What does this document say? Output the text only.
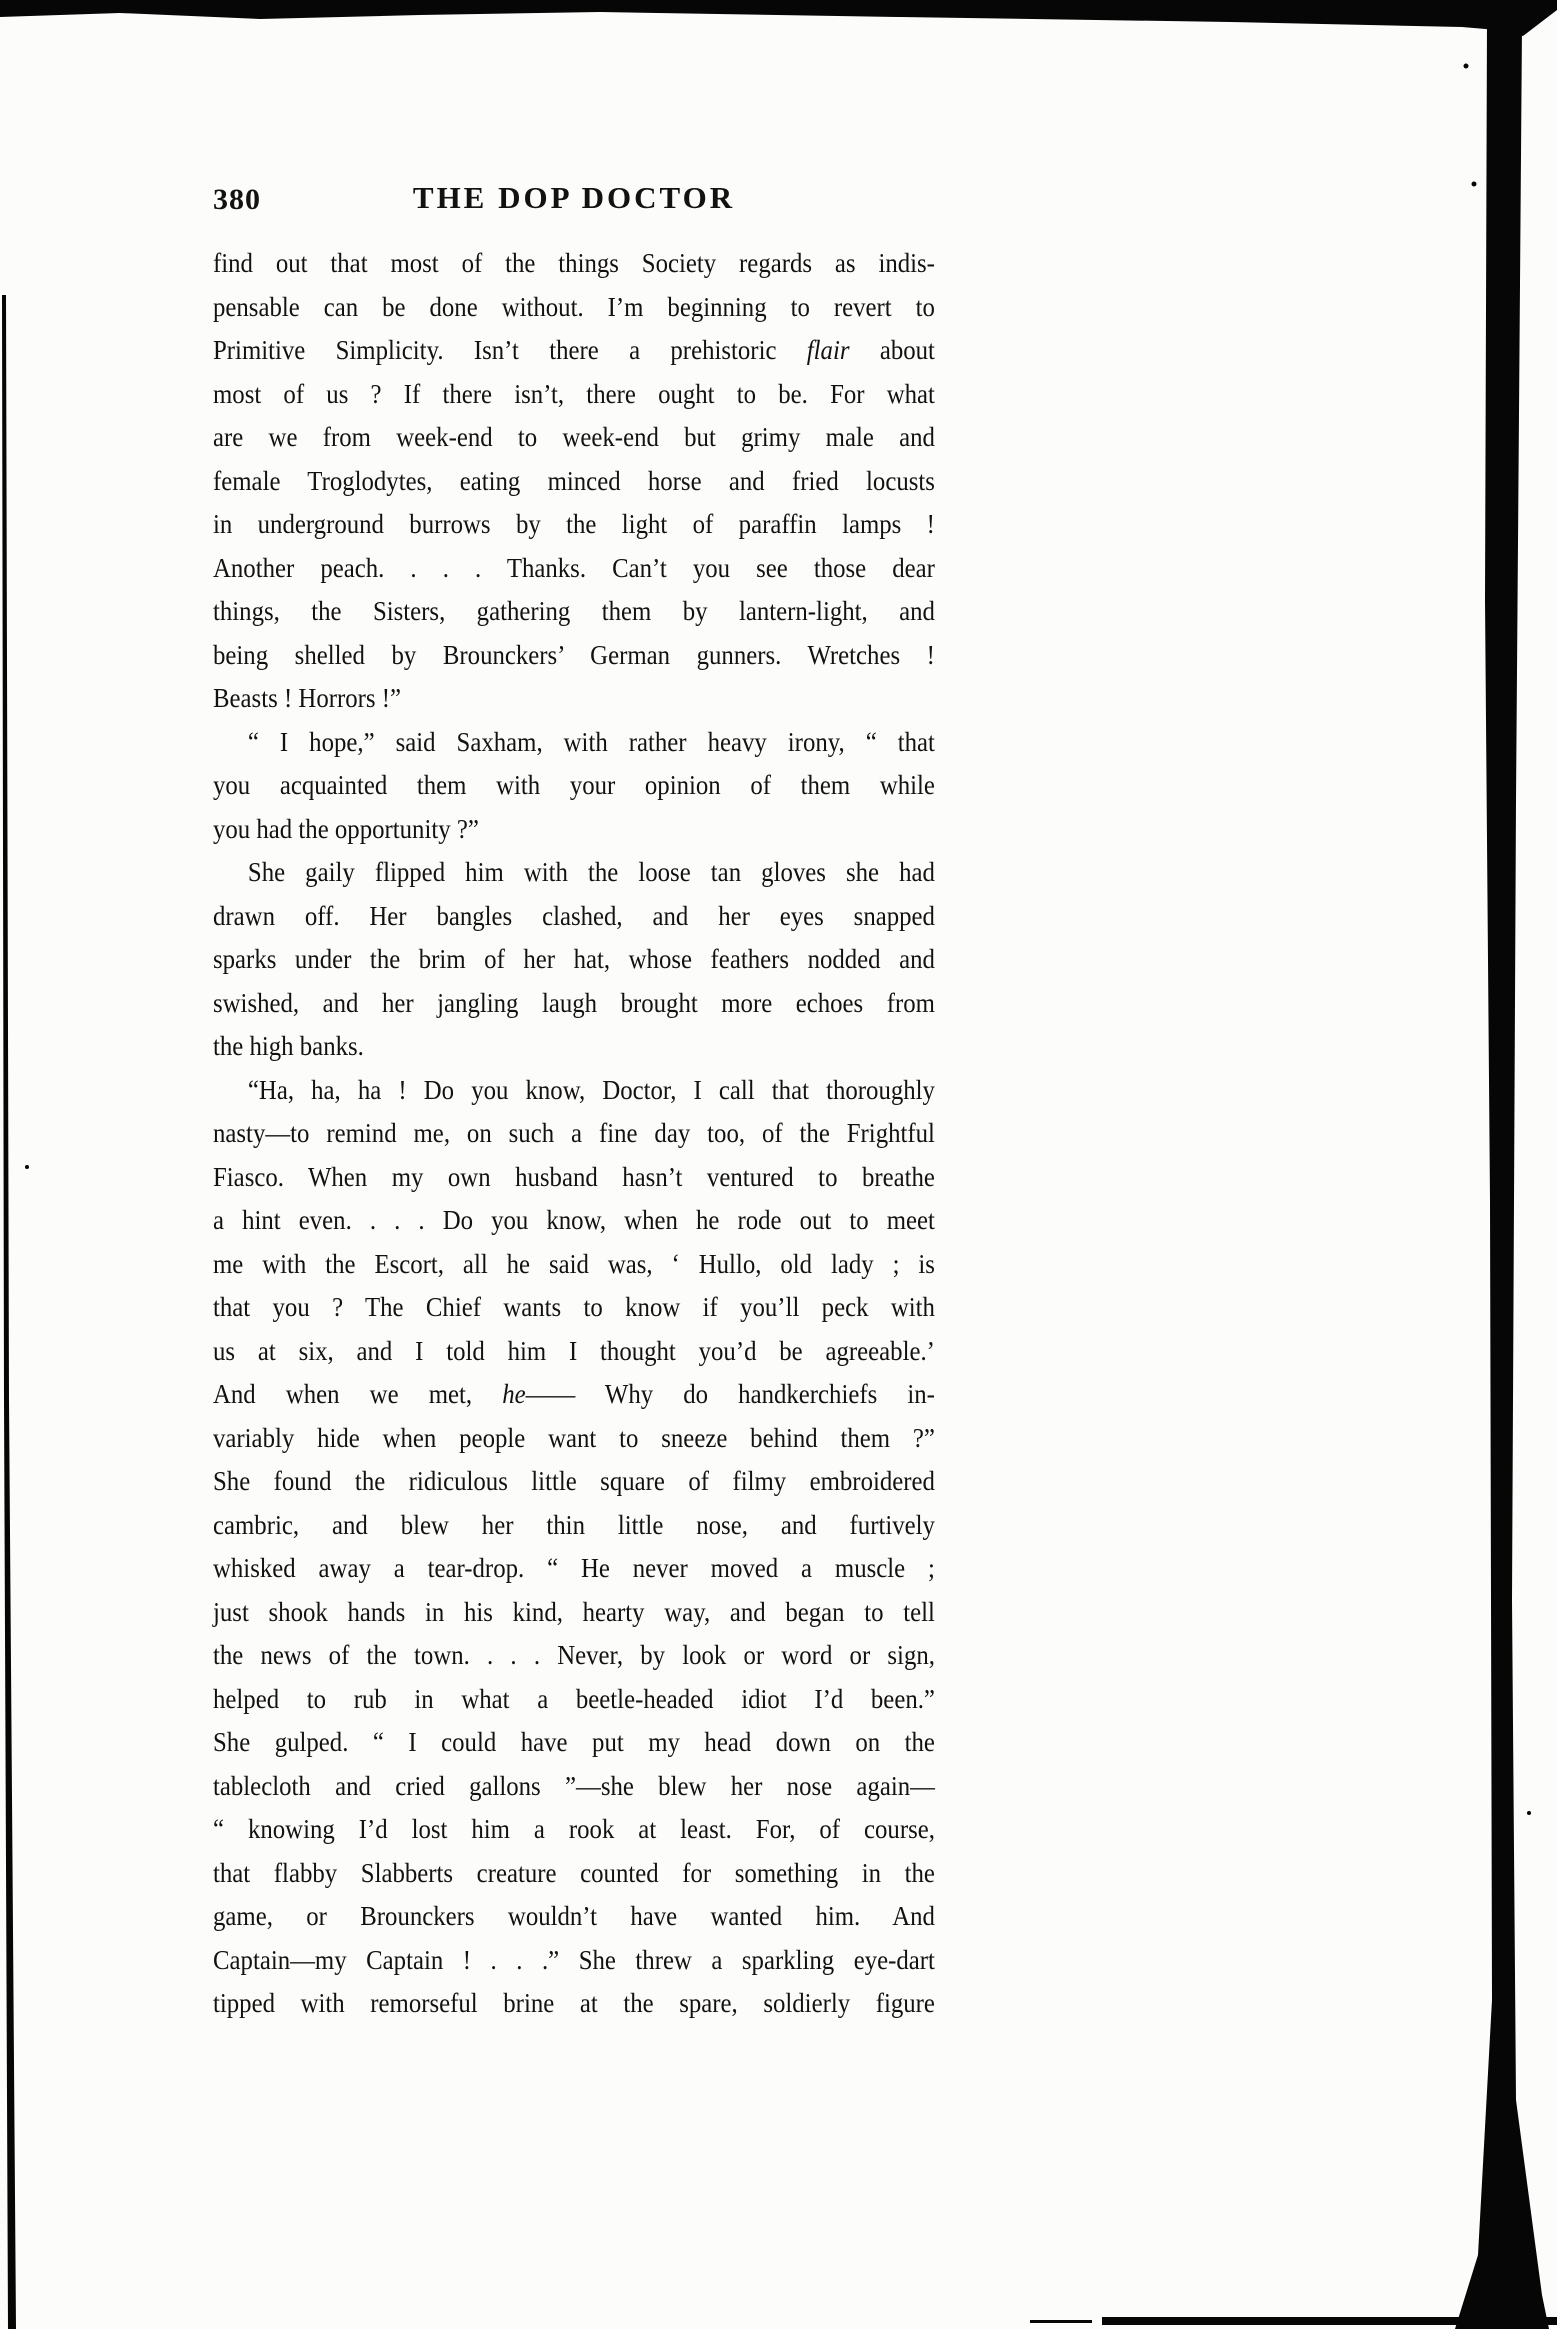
380	THE DOP DOCTOR
find out that most of the things Society regards as indis-
pensable can be done without. I’m beginning to revert to
Primitive Simplicity. Isn’t there a prehistoric flair about
most of us ? If there isn’t, there ought to be. For what
are we from week-end to week-end but grimy male and
female Troglodytes, eating minced horse and fried locusts
in underground burrows by the light of paraffin lamps !
Another peach. . . . Thanks. Can’t you see those dear
things, the Sisters, gathering them by lantern-light, and
being shelled by Brounckers’ German gunners. Wretches !
Beasts ! Horrors !”
“ I hope,” said Saxham, with rather heavy irony, “ that
you acquainted them with your opinion of them while
you had the opportunity ?”
She gaily flipped him with the loose tan gloves she had
drawn off. Her bangles clashed, and her eyes snapped
sparks under the brim of her hat, whose feathers nodded and
swished, and her jangling laugh brought more echoes from
the high banks.
“Ha, ha, ha ! Do you know, Doctor, I call that thoroughly
nasty—to remind me, on such a fine day too, of the Frightful
Fiasco. When my own husband hasn’t ventured to breathe
a hint even. . . . Do you know, when he rode out to meet
me with the Escort, all he said was, ‘ Hullo, old lady ; is
that you ? The Chief wants to know if you’ll peck with
us at six, and I told him I thought you’d be agreeable.’
And when we met, he—— Why do handkerchiefs in-
variably hide when people want to sneeze behind them ?”
She found the ridiculous little square of filmy embroidered
cambric, and blew her thin little nose, and furtively
whisked away a tear-drop. “ He never moved a muscle ;
just shook hands in his kind, hearty way, and began to tell
the news of the town. . . . Never, by look or word or sign,
helped to rub in what a beetle-headed idiot I’d been.”
She gulped. “ I could have put my head down on the
tablecloth and cried gallons ”—she blew her nose again—
“ knowing I’d lost him a rook at least. For, of course,
that flabby Slabberts creature counted for something in the
game, or Brounckers wouldn’t have wanted him. And
Captain—my Captain ! . . .” She threw a sparkling eye-dart
tipped with remorseful brine at the spare, soldierly figure
